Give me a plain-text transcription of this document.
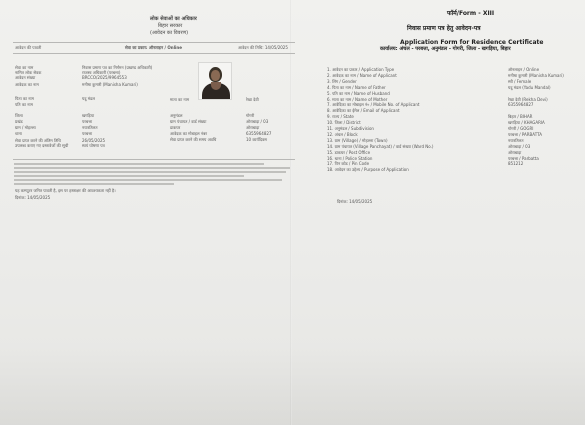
लोक सेवाओं का अधिकार
बिहार सरकार
(आवेदन का विवरण)
आवेदन की पावती	सेवा का प्रकार: ऑनलाइन / Online	आवेदन की तिथि: 14/05/2025
सेवा का नाम	निवास प्रमाण पत्र का निर्गमन (प्रखण्ड अधिकारी)
नामित लोक सेवक	राजस्व अधिकारी (परबत्ता)
आवेदन संख्या	BRCCO/2025/9964553
आवेदक का नाम	मनीषा कुमारी (Manisha Kumari)
पिता का नाम	यदु मंडल
पति का नाम
जिला	खगड़िया
प्रखंड	परबत्ता
ग्राम / मोहल्ला	नयारतिलत
थाना	परबत्ता
सेवा प्राप्त करने की अंतिम तिथि	26/05/2025
उपलब्ध कराए गए दस्तावेजों की सूची	स्वयं घोषणा पत्र
माता का नाम	रेखा देवी
अनुमंडल	गोगरी
ग्राम पंचायत / वार्ड संख्या	ओराबाड़ा / 03
डाकघर	ओराबाड़ा
आवेदक का मोबाइल नंबर	6355964827
सेवा प्राप्त करने की समय अवधि	10 कार्यदिवस
यह कम्प्यूटर जनित पावती है, इस पर हस्ताक्षर की आवश्यकता नहीं है।
दिनांक: 14/05/2025
फॉर्म/Form - XIII
निवास प्रमाण पत्र हेतु आवेदन-पत्र
Application Form for Residence Certificate
कार्यालय: अंचल - परबत्ता, अनुमंडल - गोगरी, जिला - खगड़िया, बिहार
1. आवेदन का प्रकार / Application Type	ऑनलाइन / Online
2. आवेदक का नाम / Name of Applicant	मनीषा कुमारी (Manisha Kumari)
3. लिंग / Gender	स्त्री / Female
4. पिता का नाम / Name of Father	यदु मंडल (Yadu Mandal)
5. पति का नाम / Name of Husband
6. माता का नाम / Name of Mother	रेखा देवी (Rekha Devi)
7. आवेदिका का मोबाइल नं० / Mobile No. of Applicant	6355964827
8. आवेदिका का ईमेल / Email of Applicant
9. राज्य / State	बिहार / BIHAR
10. जिला / District	खगड़िया / KHAGARIA
11. अनुमंडल / Subdivision	गोगरी / GOGRI
12. अंचल / Block	परबत्ता / PARBATTA
13. ग्राम (Village) / मोहल्ला (Town)	नयारतिलत
14. ग्राम पंचायत (Village Panchayat) / वार्ड संख्या (Ward No.)	ओराबाड़ा / 03
15. डाकघर / Post Office	ओराबाड़ा
16. थाना / Police Station	परबत्ता / Parbatta
17. पिन कोड / Pin Code	851212
18. आवेदन का उद्देश्य / Purpose of Application
दिनांक: 14/05/2025
